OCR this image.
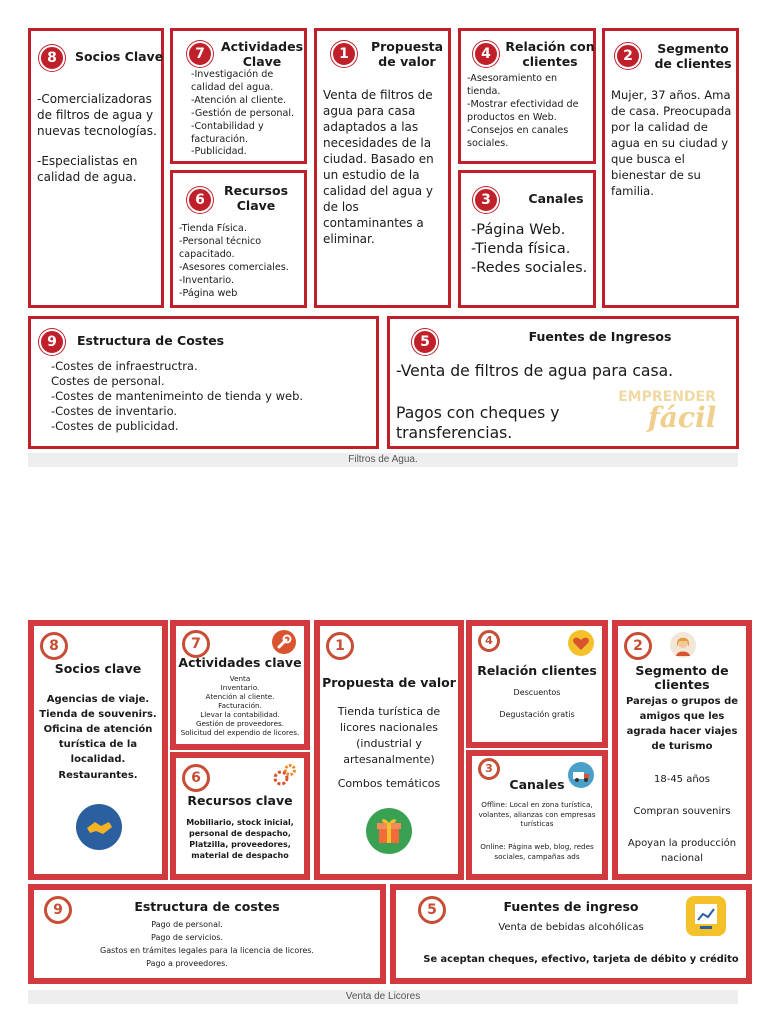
8	Socios Clave
-Comercializadoras de filtros de agua y nuevas tecnologías.
-Especialistas en calidad de agua.
7	Actividades Clave
-Investigación de calidad del agua.
-Atención al cliente.
-Gestión de personal.
-Contabilidad y facturación.
-Publicidad.
6
Recursos Clave
-Tienda Física.
-Personal técnico capacitado.
-Asesores comerciales.
-Inventario.
-Página web
1	Propuesta de valor
Venta de filtros de agua para casa adaptados a las necesidades de la ciudad. Basado en un estudio de la calidad del agua y de los contaminantes a eliminar.
4	Relación con clientes
-Asesoramiento en tienda.
-Mostrar efectividad de productos en Web.
-Consejos en canales sociales.
3	Canales
-Página Web.
-Tienda física.
-Redes sociales.
2	Segmento de clientes
Mujer, 37 años. Ama de casa. Preocupada por la calidad de agua en su ciudad y que busca el bienestar de su familia.
9	Estructura de Costes
-Costes de infraestructra.
Costes de personal.
-Costes de mantenimeinto de tienda y web.
-Costes de inventario.
-Costes de publicidad.
5	Fuentes de Ingresos
-Venta de filtros de agua para casa.
Pagos con cheques y transferencias.
EMPRENDER
fácil
Filtros de Agua.
8
Socios clave
Agencias de viaje.
Tienda de souvenirs.
Oficina de atención turística de la localidad.
Restaurantes.
7
Actividades clave
Venta
Inventario.
Atención al cliente.
Facturación.
Llevar la contabilidad.
Gestión de proveedores.
Solicitud del expendio de licores.
6
Recursos clave
Mobiliario, stock inicial,
personal de despacho,
Platzilla, proveedores,
material de despacho
1
Propuesta de valor
Tienda turística de licores nacionales (industrial y artesanalmente)
Combos temáticos
4
Relación clientes
Descuentos
Degustación gratis
3
Canales
Offline: Local en zona turística, volantes, alianzas con empresas turísticas
Online: Página web, blog, redes sociales, campañas ads
2
Segmento de clientes
Parejas o grupos de amigos que les agrada hacer viajes de turismo
18-45 años
Compran souvenirs
Apoyan la producción nacional
9	Estructura de costes
Pago de personal.
Pago de servicios.
Gastos en trámites legales para la licencia de licores.
Pago a proveedores.
5	Fuentes de ingreso
Venta de bebidas alcohólicas
Se aceptan cheques, efectivo, tarjeta de débito y crédito
Venta de Licores
